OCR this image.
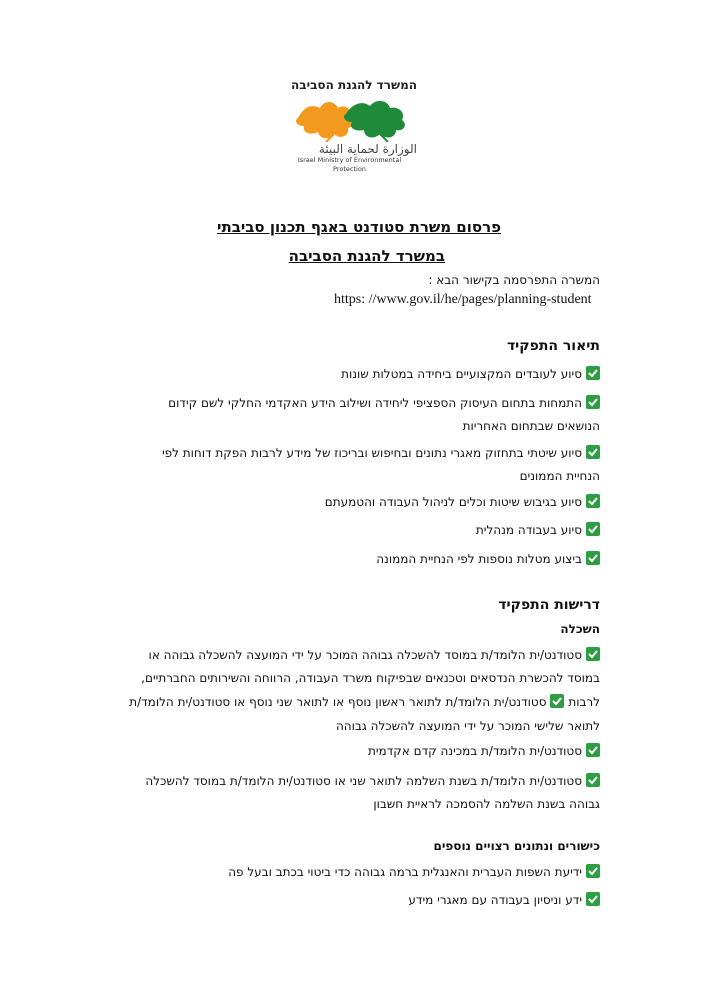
המשרד להגנת הסביבה
الوزارة لحماية البيئة
Israel Ministry of Environmental Protection
פרסום משרת סטודנט באגף תכנון סביבתי
במשרד להגנת הסביבה
המשרה התפרסמה בקישור הבא :
https: //www.gov.il/he/pages/planning-student
תיאור התפקיד
סיוע לעובדים המקצועיים ביחידה במטלות שונות
התמחות בתחום העיסוק הספציפי ליחידה ושילוב הידע האקדמי החלקי לשם קידום
הנושאים שבתחום האחריות
סיוע שיטתי בתחזוק מאגרי נתונים ובחיפוש ובריכוז של מידע לרבות הפקת דוחות לפי
הנחיית הממונים
סיוע בגיבוש שיטות וכלים לניהול העבודה והטמעתם
סיוע בעבודה מנהלית
ביצוע מטלות נוספות לפי הנחיית הממונה
דרישות התפקיד
השכלה
סטודנט/ית הלומד/ת במוסד להשכלה גבוהה המוכר על ידי המועצה להשכלה גבוהה או
במוסד להכשרת הנדסאים וטכנאים שבפיקוח משרד העבודה, הרווחה והשירותים החברתיים,
לרבות
סטודנט/ית הלומד/ת לתואר ראשון נוסף או לתואר שני נוסף או סטודנט/ית הלומד/ת
לתואר שלישי המוכר על ידי המועצה להשכלה גבוהה
סטודנט/ית הלומד/ת במכינה קדם אקדמית
סטודנט/ית הלומד/ת בשנת השלמה לתואר שני או סטודנט/ית הלומד/ת במוסד להשכלה
גבוהה בשנת השלמה להסמכה לראיית חשבון
כישורים ונתונים רצויים נוספים
ידיעת השפות העברית והאנגלית ברמה גבוהה כדי ביטוי בכתב ובעל פה
ידע וניסיון בעבודה עם מאגרי מידע
